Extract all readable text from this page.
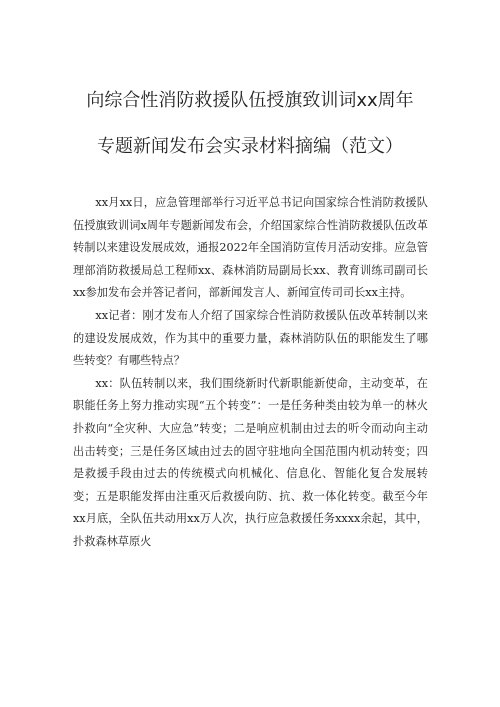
向综合性消防救援队伍授旗致训词xx周年
专题新闻发布会实录材料摘编（范文）

xx月xx日，应急管理部举行习近平总书记向国家综合性消防救援队伍授旗致训词x周年专题新闻发布会，介绍国家综合性消防救援队伍改革转制以来建设发展成效，通报2022年全国消防宣传月活动安排。应急管理部消防救援局总工程师xx、森林消防局副局长xx、教育训练司副司长xx参加发布会并答记者问，部新闻发言人、新闻宣传司司长xx主持。

xx记者：刚才发布人介绍了国家综合性消防救援队伍改革转制以来的建设发展成效，作为其中的重要力量，森林消防队伍的职能发生了哪些转变？有哪些特点？

xx：队伍转制以来，我们围绕新时代新职能新使命，主动变革，在职能任务上努力推动实现“五个转变”：一是任务种类由较为单一的林火扑救向“全灾种、大应急”转变；二是响应机制由过去的听令而动向主动出击转变；三是任务区域由过去的固守驻地向全国范围内机动转变；四是救援手段由过去的传统模式向机械化、信息化、智能化复合发展转变；五是职能发挥由注重灭后救援向防、抗、救一体化转变。截至今年xx月底，全队伍共动用xx万人次，执行应急救援任务xxxx余起，其中，扑救森林草原火
